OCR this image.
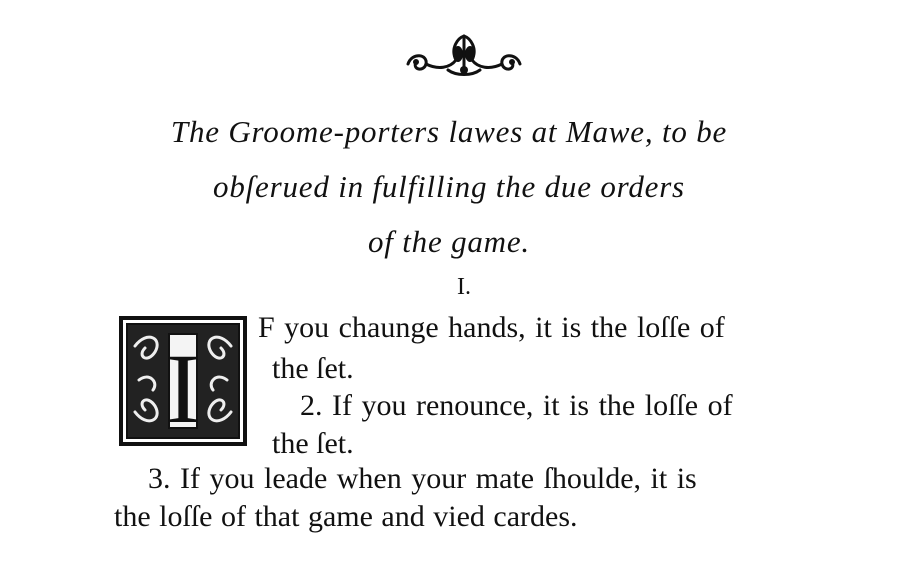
The Groome-porters lawes at Mawe, to be
obſerued in fulfilling the due orders
of the game.
I.
I
F you chaunge hands, it is the loſſe of
the ſet.
2. If you renounce, it is the loſſe of
the ſet.
3. If you leade when your mate ſhoulde, it is
the loſſe of that game and vied cardes.
